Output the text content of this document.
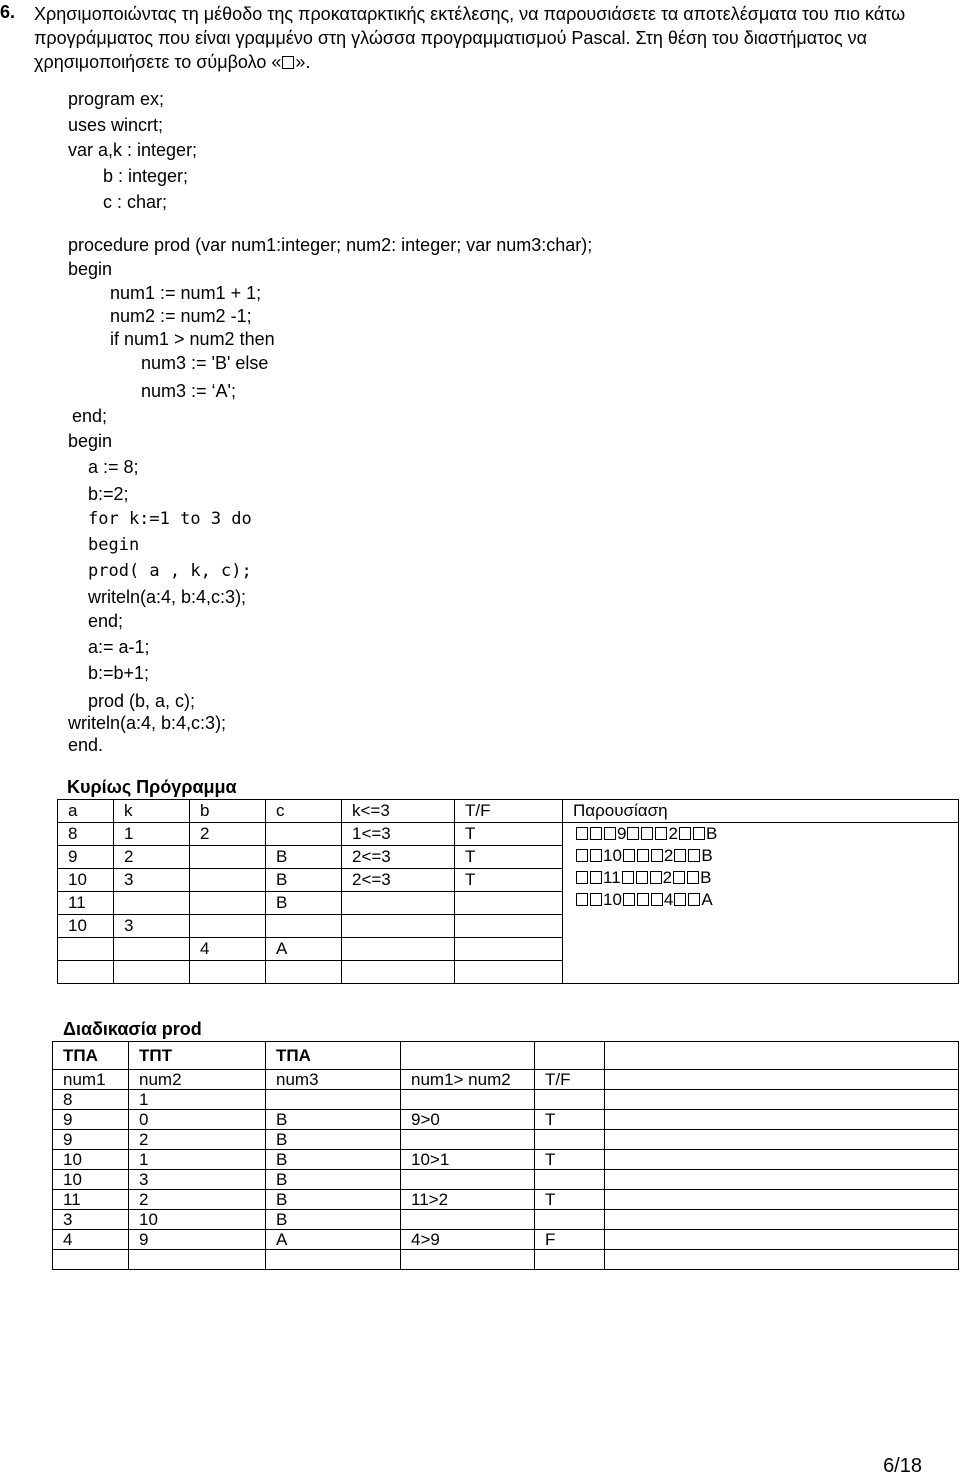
6. Χρησιμοποιώντας τη μέθοδο της προκαταρκτικής εκτέλεσης, να παρουσιάσετε τα αποτελέσματα του πιο κάτω προγράμματος που είναι γραμμένο στη γλώσσα προγραμματισμού Pascal. Στη θέση του διαστήματος να χρησιμοποιήσετε το σύμβολο « ».
program ex;
uses wincrt;
var a,k : integer;
b : integer;
c : char;
procedure prod (var num1:integer; num2: integer; var num3:char);
begin
num1 := num1 + 1;
num2 := num2 -1;
if num1 > num2 then
num3 := 'B' else
num3 := ‘A';
end;
begin
a := 8;
b:=2;
for k:=1 to 3 do
begin
prod( a , k, c);
writeln(a:4, b:4,c:3);
end;
a:= a-1;
b:=b+1;
prod (b, a, c);
writeln(a:4, b:4,c:3);
end.
Κυρίως Πρόγραμμα
a	k	b	c	k<=3	T/F	Παρουσίαση
8	1	2		1<=3	T	9 2 B
10 2 B
11 2 B
10 4 A

9	2		B	2<=3	T	
10	3		B	2<=3	T	
11			B			
10	3					
		4	A			

Διαδικασία prod
ΤΠΑ	ΤΠΤ	ΤΠΑ			
num1	num2	num3	num1> num2	T/F	
8	1				
9	0	B	9>0	T	
9	2	B			
10	1	B	10>1	T	
10	3	B			
11	2	B	11>2	T	
3	10	B			
4	9	A	4>9	F	

6/18
